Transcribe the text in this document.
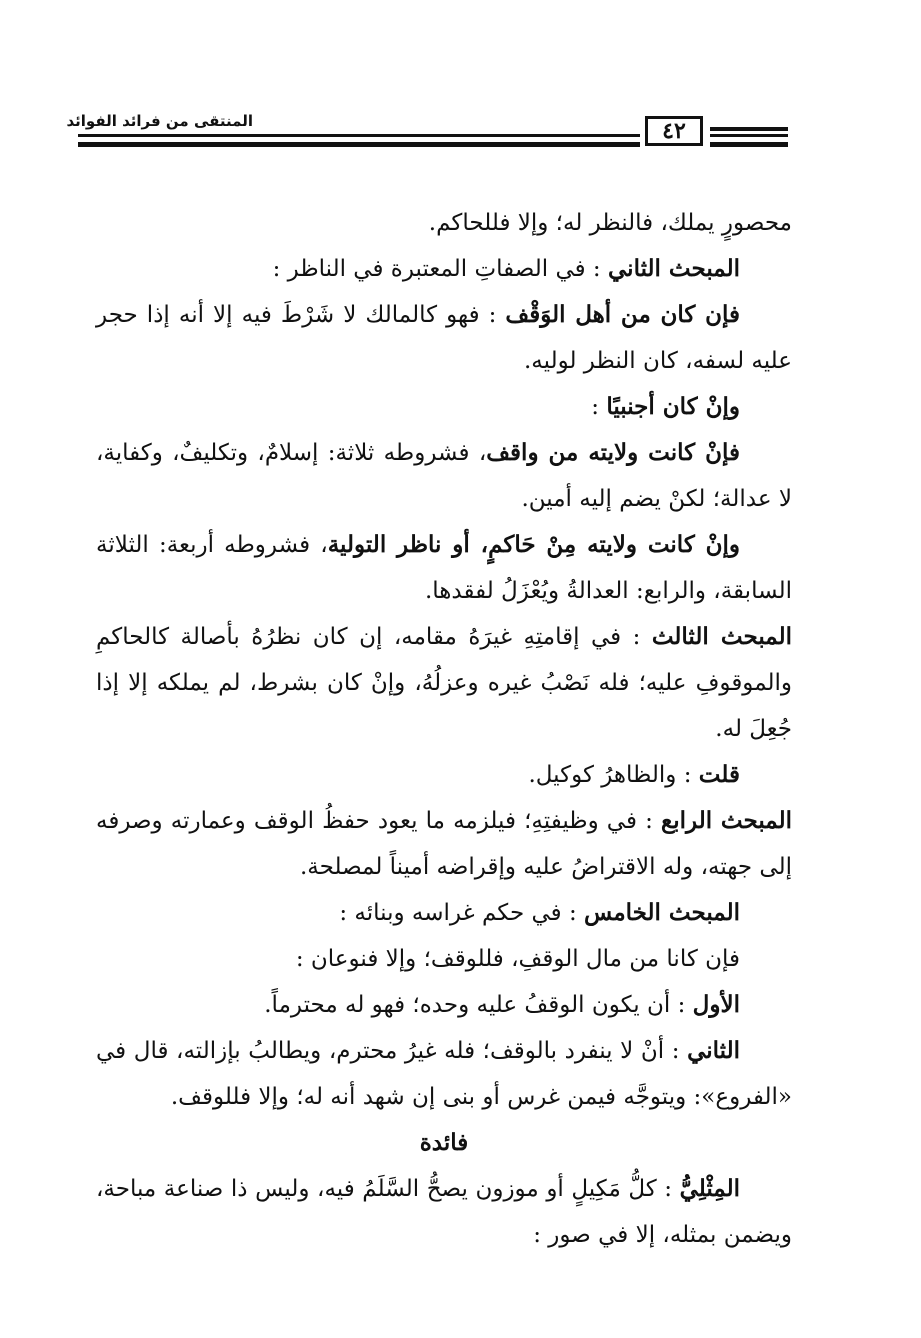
المنتقى من فرائد الفوائد	٤٢

محصورٍ يملك، فالنظر له؛ وإلا فللحاكم.

المبحث الثاني : في الصفاتِ المعتبرة في الناظر :

فإن كان من أهل الوَقْف : فهو كالمالك لا شَرْطَ فيه إلا أنه إذا حجر عليه لسفه، كان النظر لوليه.

وإنْ كان أجنبيًا :

فإنْ كانت ولايته من واقف، فشروطه ثلاثة: إسلامٌ، وتكليفٌ، وكفاية، لا عدالة؛ لكنْ يضم إليه أمين.

وإنْ كانت ولايته مِنْ حَاكمٍ، أو ناظر التولية، فشروطه أربعة: الثلاثة السابقة، والرابع: العدالةُ ويُعْزَلُ لفقدها.

المبحث الثالث : في إقامتِهِ غيرَهُ مقامه، إن كان نظرُهُ بأصالة كالحاكمِ والموقوفِ عليه؛ فله نَصْبُ غيره وعزلُهُ، وإنْ كان بشرط، لم يملكه إلا إذا جُعِلَ له.

قلت : والظاهرُ كوكيل.

المبحث الرابع : في وظيفتِهِ؛ فيلزمه ما يعود حفظُ الوقف وعمارته وصرفه إلى جهته، وله الاقتراضُ عليه وإقراضه أميناً لمصلحة.

المبحث الخامس : في حكم غراسه وبنائه :

فإن كانا من مال الوقفِ، فللوقف؛ وإلا فنوعان :

الأول : أن يكون الوقفُ عليه وحده؛ فهو له محترماً.

الثاني : أنْ لا ينفرد بالوقف؛ فله غيرُ محترم، ويطالبُ بإزالته، قال في «الفروع»: ويتوجَّه فيمن غرس أو بنى إن شهد أنه له؛ وإلا فللوقف.

فائدة

المِثْلِيُّ : كلُّ مَكِيلٍ أو موزون يصحُّ السَّلَمُ فيه، وليس ذا صناعة مباحة، ويضمن بمثله، إلا في صور :
